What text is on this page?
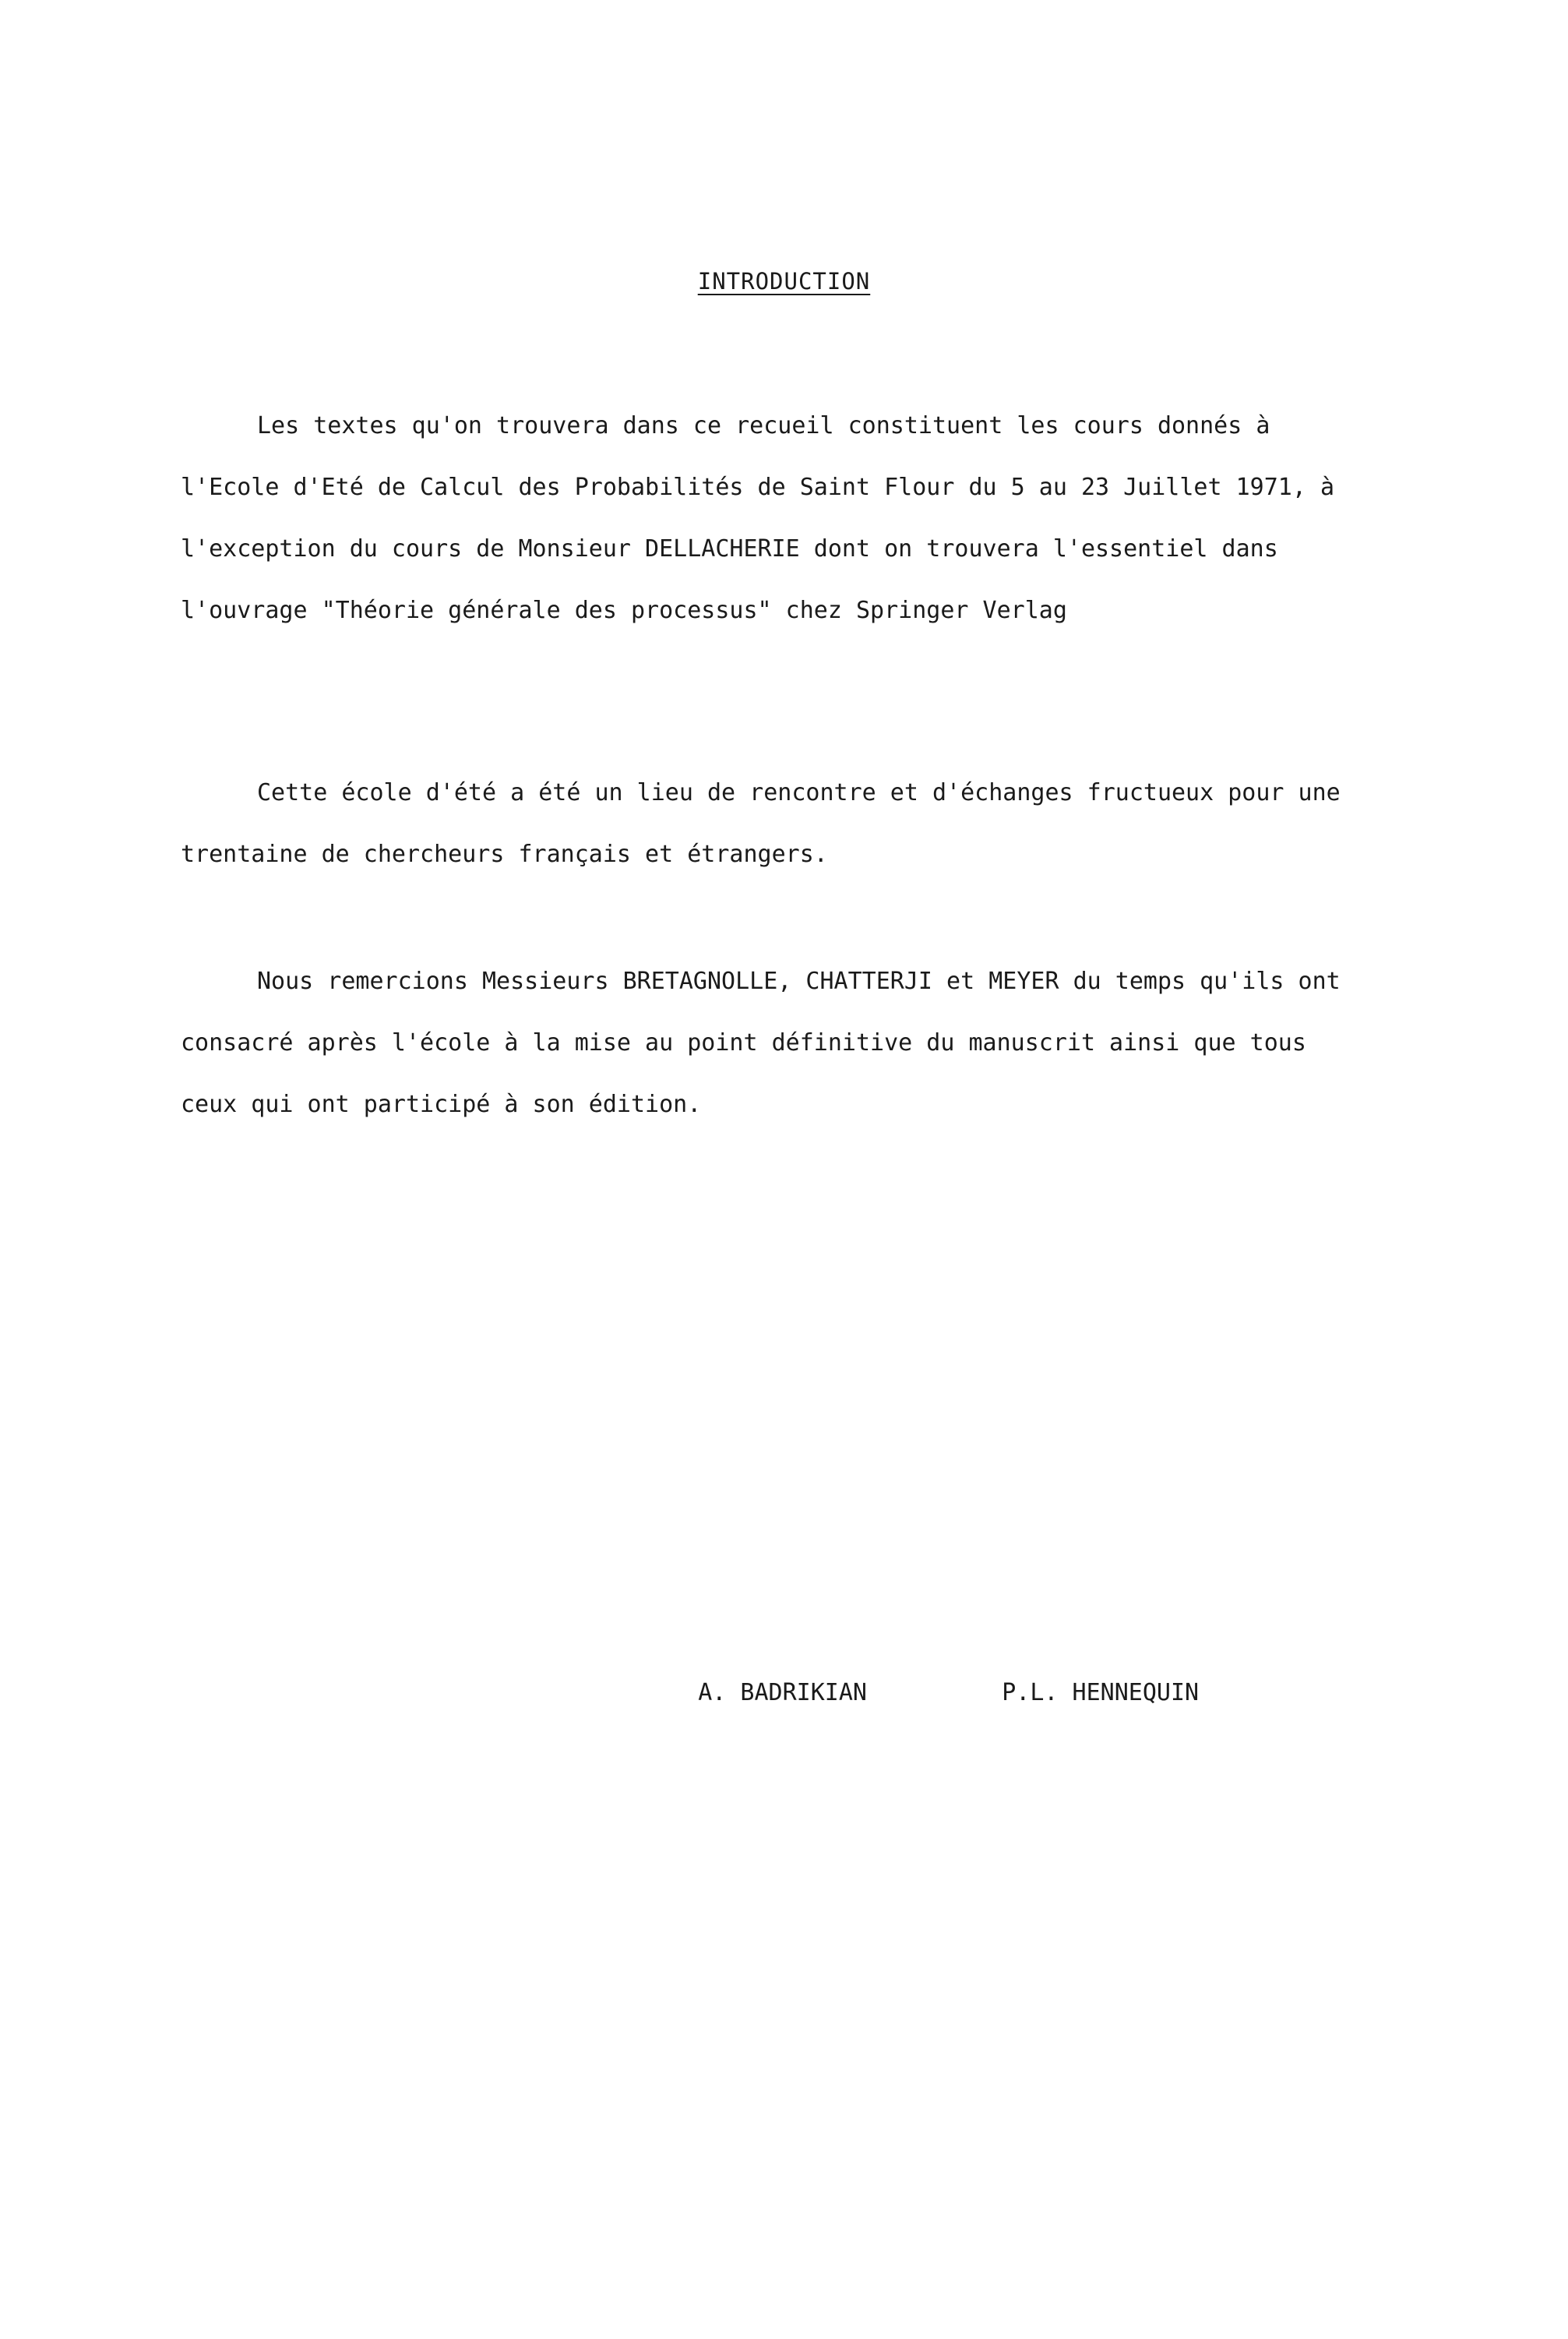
INTRODUCTION

Les textes qu'on trouvera dans ce recueil constituent les cours donnés à l'Ecole d'Eté de Calcul des Probabilités de Saint Flour du 5 au 23 Juillet 1971, à l'exception du cours de Monsieur DELLACHERIE dont on trouvera l'essentiel dans l'ouvrage "Théorie générale des processus" chez Springer Verlag

Cette école d'été a été un lieu de rencontre et d'échanges fructueux pour une trentaine de chercheurs français et étrangers.

Nous remercions Messieurs BRETAGNOLLE, CHATTERJI et MEYER du temps qu'ils ont consacré après l'école à la mise au point définitive du manuscrit ainsi que tous ceux qui ont participé à son édition.

A. BADRIKIAN	P.L. HENNEQUIN
